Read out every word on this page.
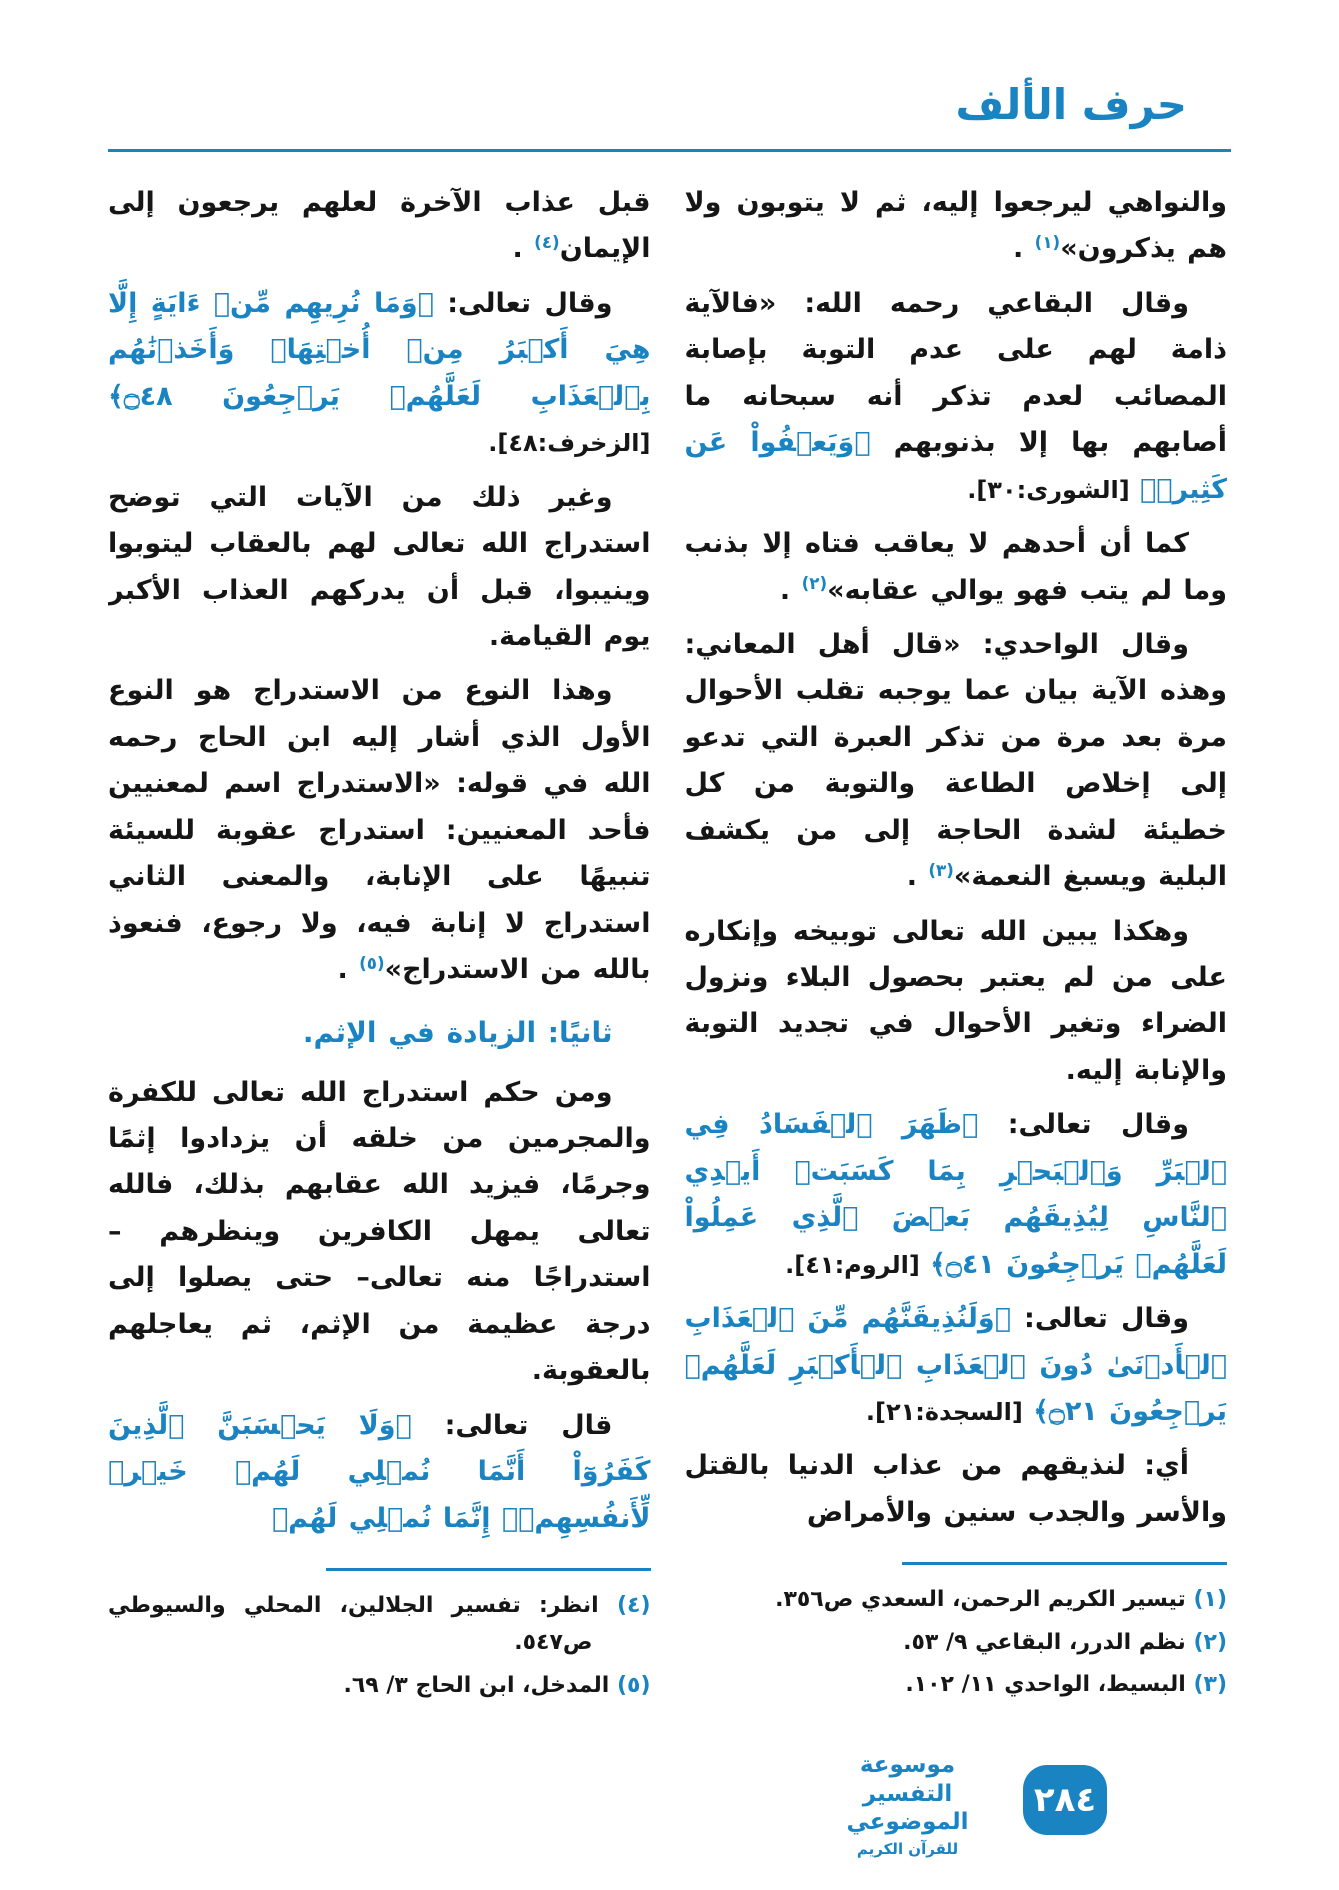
حرف الألف

والنواهي ليرجعوا إليه، ثم لا يتوبون ولا هم يذكرون»$^{(١)}$ .

وقال البقاعي رحمه الله: «فالآية ذامة لهم على عدم التوبة بإصابة المصائب لعدم تذكر أنه سبحانه ما أصابهم بها إلا بذنوبهم ﴿وَيَعۡفُواْ عَن كَثِيرٖ﴾ [الشورى:٣٠].

كما أن أحدهم لا يعاقب فتاه إلا بذنب وما لم يتب فهو يوالي عقابه»$^{(٢)}$ .

وقال الواحدي: «قال أهل المعاني: وهذه الآية بيان عما يوجبه تقلب الأحوال مرة بعد مرة من تذكر العبرة التي تدعو إلى إخلاص الطاعة والتوبة من كل خطيئة لشدة الحاجة إلى من يكشف البلية ويسبغ النعمة»$^{(٣)}$ .

وهكذا يبين الله تعالى توبيخه وإنكاره على من لم يعتبر بحصول البلاء ونزول الضراء وتغير الأحوال في تجديد التوبة والإنابة إليه.

وقال تعالى: ﴿ظَهَرَ ٱلۡفَسَادُ فِي ٱلۡبَرِّ وَٱلۡبَحۡرِ بِمَا كَسَبَتۡ أَيۡدِي ٱلنَّاسِ لِيُذِيقَهُم بَعۡضَ ٱلَّذِي عَمِلُواْ لَعَلَّهُمۡ يَرۡجِعُونَ ۝٤١﴾ [الروم:٤١].

وقال تعالى: ﴿وَلَنُذِيقَنَّهُم مِّنَ ٱلۡعَذَابِ ٱلۡأَدۡنَىٰ دُونَ ٱلۡعَذَابِ ٱلۡأَكۡبَرِ لَعَلَّهُمۡ يَرۡجِعُونَ ۝٢١﴾ [السجدة:٢١].

أي: لنذيقهم من عذاب الدنيا بالقتل والأسر والجدب سنين والأمراض

(١) تيسير الكريم الرحمن، السعدي ص٣٥٦.
(٢) نظم الدرر، البقاعي ٩/ ٥٣.
(٣) البسيط، الواحدي ١١/ ١٠٢.

قبل عذاب الآخرة لعلهم يرجعون إلى الإيمان$^{(٤)}$ .

وقال تعالى: ﴿وَمَا نُرِيهِم مِّنۡ ءَايَةٍ إِلَّا هِيَ أَكۡبَرُ مِنۡ أُخۡتِهَاۖ وَأَخَذۡنَٰهُم بِٱلۡعَذَابِ لَعَلَّهُمۡ يَرۡجِعُونَ ۝٤٨﴾ [الزخرف:٤٨].

وغير ذلك من الآيات التي توضح استدراج الله تعالى لهم بالعقاب ليتوبوا وينيبوا، قبل أن يدركهم العذاب الأكبر يوم القيامة.

وهذا النوع من الاستدراج هو النوع الأول الذي أشار إليه ابن الحاج رحمه الله في قوله: «الاستدراج اسم لمعنيين فأحد المعنيين: استدراج عقوبة للسيئة تنبيهًا على الإنابة، والمعنى الثاني استدراج لا إنابة فيه، ولا رجوع، فنعوذ بالله من الاستدراج»$^{(٥)}$ .

ثانيًا: الزيادة في الإثم.

ومن حكم استدراج الله تعالى للكفرة والمجرمين من خلقه أن يزدادوا إثمًا وجرمًا، فيزيد الله عقابهم بذلك، فالله تعالى يمهل الكافرين وينظرهم –استدراجًا منه تعالى– حتى يصلوا إلى درجة عظيمة من الإثم، ثم يعاجلهم بالعقوبة.

قال تعالى: ﴿وَلَا يَحۡسَبَنَّ ٱلَّذِينَ كَفَرُوٓاْ أَنَّمَا نُمۡلِي لَهُمۡ خَيۡرٞ لِّأَنفُسِهِمۡۚ إِنَّمَا نُمۡلِي لَهُمۡ

(٤) انظر: تفسير الجلالين، المحلي والسيوطي ص٥٤٧.
(٥) المدخل، ابن الحاج ٣/ ٦٩.
موسوعة التفسير الموضوعي
للقرآن الكريم
٢٨٤
